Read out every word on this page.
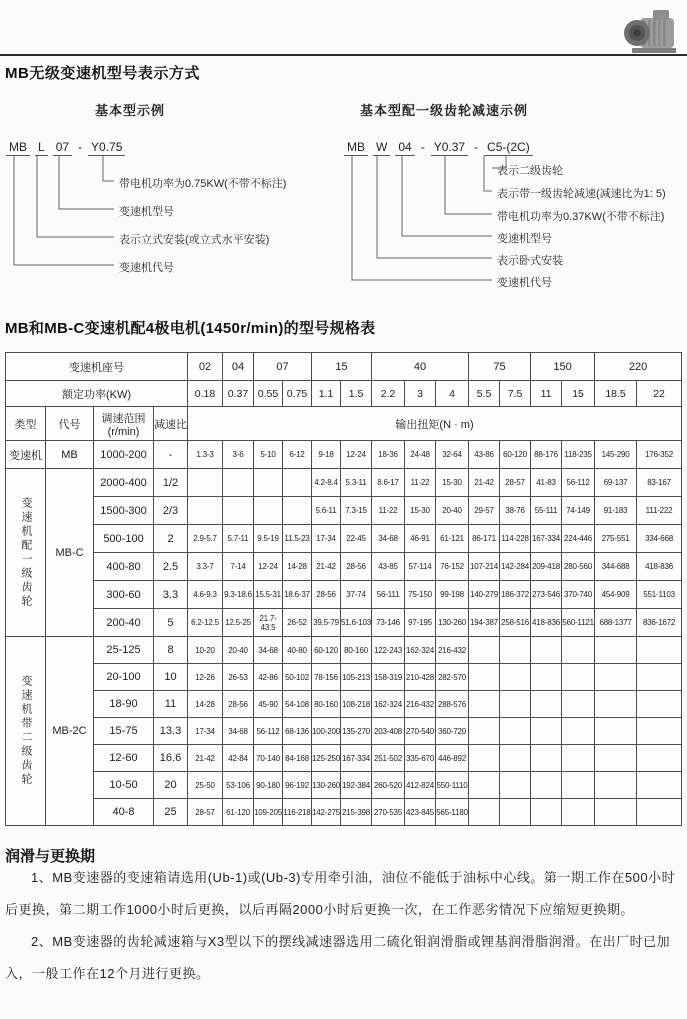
MB无级变速机型号表示方式
基本型示例	基本型配一级齿轮减速示例
MB L 07 - Y0.75
带电机功率为0.75KW(不带不标注)
变速机型号
表示立式安装(或立式水平安装)
变速机代号
MB W 04 - Y0.37 - C5-(2C)
表示二级齿轮
表示带一级齿轮减速(减速比为1: 5)
带电机功率为0.37KW(不带不标注)
变速机型号
表示卧式安装
变速机代号
MB和MB-C变速机配4极电机(1450r/min)的型号规格表
变速机座号				02	04	07		15		40			75		150		220	
额定功率(KW)				0.18	0.37	0.55	0.75	1.1	1.5	2.2	3	4	5.5	7.5	11	15	18.5	22
类型	代号	调速范围 (r/min)	减速比	输出扭矩(N · m)														
变速机	MB	1000-200	-	1.3-3	3-6	5-10	6-12	9-18	12-24	18-36	24-48	32-64	43-86	60-120	88-176	118-235	145-290	176-352
变速机配一级齿轮	MB-C	2000-400	1/2					4.2-8.4	5.3-11	8.6-17	11-22	15-30	21-42	28-57	41-83	56-112	69-137	83-167
		1500-300	2/3					5.6-11	7.3-15	11-22	15-30	20-40	29-57	38-76	55-111	74-149	91-183	111-222
		500-100	2	2.9-5.7	5.7-11	9.5-19	11.5-23	17-34	22-45	34-68	46-91	61-121	86-171	114-228	167-334	224-446	275-551	334-668
		400-80	2.5	3.3-7	7-14	12-24	14-28	21-42	28-56	43-85	57-114	76-152	107-214	142-284	209-418	280-560	344-688	418-836
		300-60	3.3	4.6-9.3	9.3-18.6	15.5-31	18.6-37	28-56	37-74	56-111	75-150	99-198	140-279	186-372	273-546	370-740	454-909	551-1103
		200-40	5	6.2-12.5	12.5-25	21.7-43.5	26-52	39.5-79	51.6-103	73-146	97-195	130-260	194-387	258-516	418-836	560-1121	688-1377	836-1672
变速机带二级齿轮	MB-2C	25-125	8	10-20	20-40	34-68	40-80	60-120	80-160	122-243	162-324	216-432						
		20-100	10	12-26	26-53	42-86	50-102	78-156	105-213	158-319	210-428	282-570						
		18-90	11	14-28	28-56	45-90	54-108	80-160	108-218	162-324	216-432	288-576						
		15-75	13.3	17-34	34-68	56-112	68-136	100-200	135-270	203-408	270-540	360-720						
		12-60	16.6	21-42	42-84	70-140	84-168	125-250	167-334	251-502	335-670	446-892						
		10-50	20	25-50	53-106	90-180	96-192	130-260	192-384	260-520	412-824	550-1110						
		40-8	25	28-57	61-120	109-205	116-218	142-275	215-398	270-535	423-845	565-1180						
润滑与更换期

1、MB变速器的变速箱请选用(Ub-1)或(Ub-3)专用牵引油，油位不能低于油标中心线。第一期工作在500小时后更换，第二期工作1000小时后更换，以后再隔2000小时后更换一次，在工作恶劣情况下应缩短更换期。

2、MB变速器的齿轮减速箱与X3型以下的摆线减速器选用二硫化钼润滑脂或锂基润滑脂润滑。在出厂时已加入，一般工作在12个月进行更换。
